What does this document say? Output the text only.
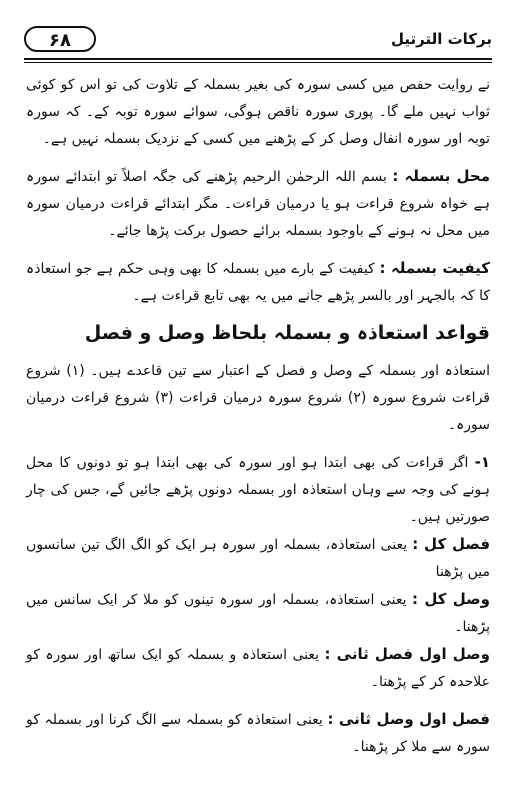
برکات الترتیل
۶۸

نے روایت حفص میں کسی سورہ کی بغیر بسملہ کے تلاوت کی تو اس کو کوئی ثواب نہیں ملے گا۔ پوری سورہ ناقص ہوگی، سوائے سورہ توبہ کے۔ کہ سورہ توبہ اور سورہ انفال وصل کر کے پڑھنے میں کسی کے نزدیک بسملہ نہیں ہے۔

محل بسملہ : بسم اللہ الرحمٰن الرحیم پڑھنے کی جگہ اصلاً تو ابتدائے سورہ ہے خواہ شروع قراءت ہو یا درمیان قراءت۔ مگر ابتدائے قراءت درمیان سورہ میں محل نہ ہونے کے باوجود بسملہ برائے حصول برکت پڑھا جائے۔

کیفیت بسملہ : کیفیت کے بارے میں بسملہ کا بھی وہی حکم ہے جو استعاذہ کا کہ بالجہر اور بالسر پڑھے جانے میں یہ بھی تابع قراءت ہے۔

قواعد استعاذہ و بسملہ بلحاظ وصل و فصل

استعاذہ اور بسملہ کے وصل و فصل کے اعتبار سے تین قاعدے ہیں۔ (۱) شروع قراءت شروع سورہ (۲) شروع سورہ درمیان قراءت (۳) شروع قراءت درمیان سورہ۔

۱- اگر قراءت کی بھی ابتدا ہو اور سورہ کی بھی ابتدا ہو تو دونوں کا محل ہونے کی وجہ سے وہاں استعاذہ اور بسملہ دونوں پڑھے جائیں گے، جس کی چار صورتیں ہیں۔

فصل کل : یعنی استعاذہ، بسملہ اور سورہ ہر ایک کو الگ الگ تین سانسوں میں پڑھنا

وصل کل : یعنی استعاذہ، بسملہ اور سورہ تینوں کو ملا کر ایک سانس میں پڑھنا۔

وصل اول فصل ثانی : یعنی استعاذہ و بسملہ کو ایک ساتھ اور سورہ کو علاحدہ کر کے پڑھنا۔

فصل اول وصل ثانی : یعنی استعاذہ کو بسملہ سے الگ کرنا اور بسملہ کو سورہ سے ملا کر پڑھنا۔
